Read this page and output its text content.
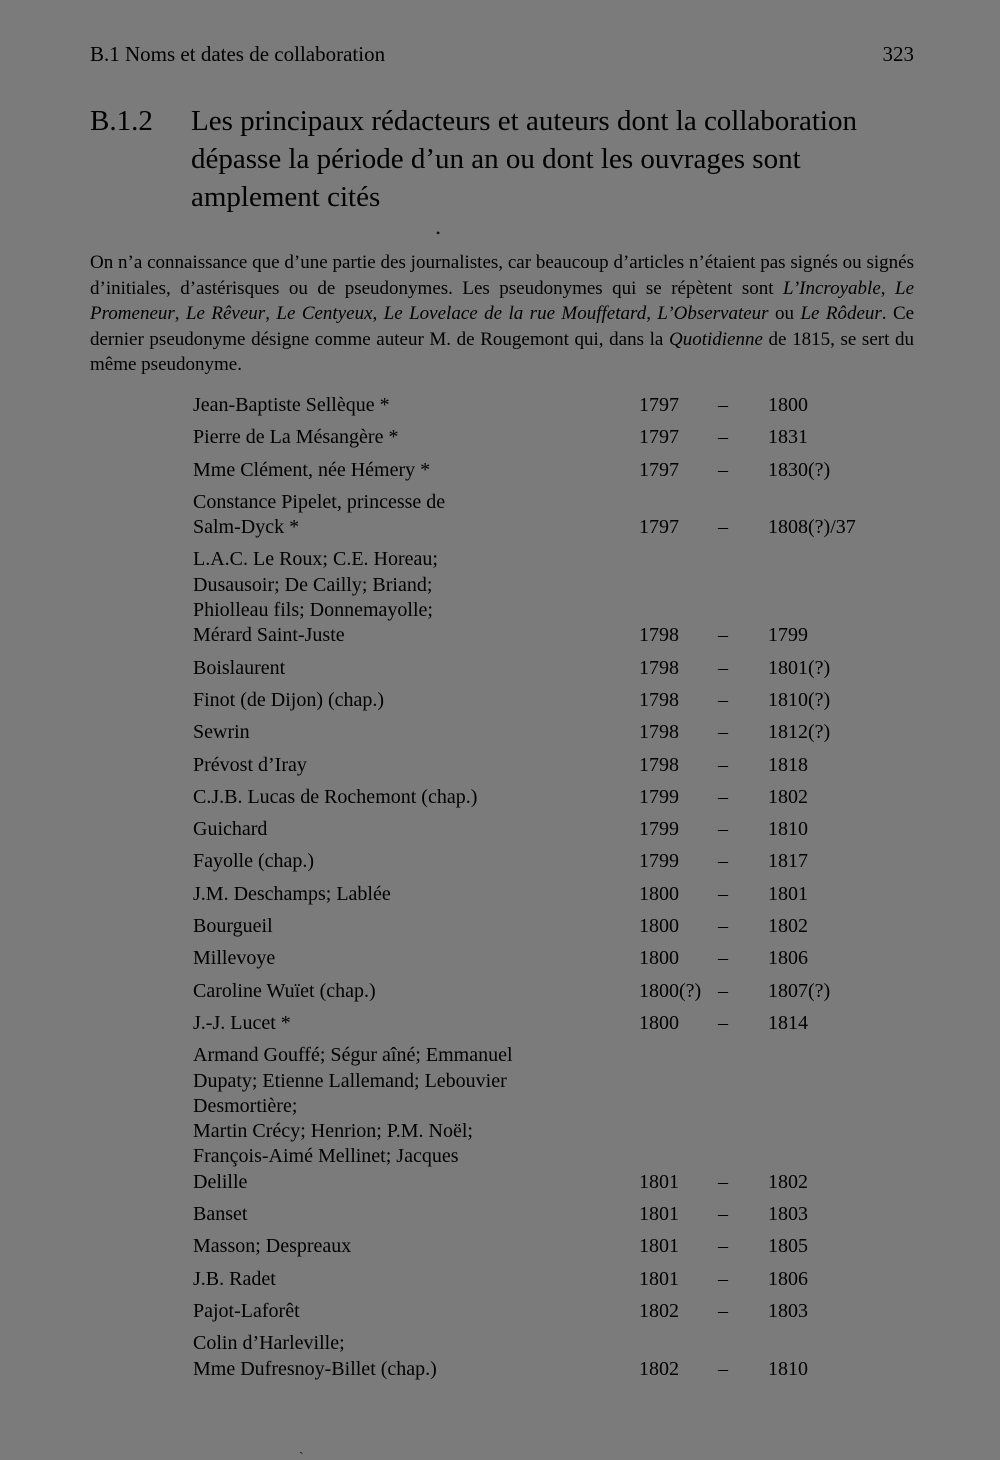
B.1 Noms et dates de collaboration	323
B.1.2 Les principaux rédacteurs et auteurs dont la collaboration dépasse la période d’un an ou dont les ouvrages sont amplement cités
•
On n’a connaissance que d’une partie des journalistes, car beaucoup d’articles n’étaient pas signés ou signés d’initiales, d’astérisques ou de pseudonymes. Les pseudonymes qui se répètent sont L’Incroyable, Le Promeneur, Le Rêveur, Le Centyeux, Le Lovelace de la rue Mouffetard, L’Observateur ou Le Rôdeur. Ce dernier pseudonyme désigne comme auteur M. de Rougemont qui, dans la Quotidienne de 1815, se sert du même pseudonyme.
Jean-Baptiste Sellèque *	1797 – 1800
Pierre de La Mésangère *	1797 – 1831
Mme Clément, née Hémery *	1797 – 1830(?)
Constance Pipelet, princesse de
Salm-Dyck *	1797 – 1808(?)/37
L.A.C. Le Roux; C.E. Horeau;
Dusausoir; De Cailly; Briand;
Phiolleau fils; Donnemayolle;
Mérard Saint-Juste	1798 – 1799
Boislaurent	1798 – 1801(?)
Finot (de Dijon) (chap.)	1798 – 1810(?)
Sewrin	1798 – 1812(?)
Prévost d’Iray	1798 – 1818
C.J.B. Lucas de Rochemont (chap.)	1799 – 1802
Guichard	1799 – 1810
Fayolle (chap.)	1799 – 1817
J.M. Deschamps; Lablée	1800 – 1801
Bourgueil	1800 – 1802
Millevoye	1800 – 1806
Caroline Wuïet (chap.)	1800(?) – 1807(?)
J.-J. Lucet *	1800 – 1814
Armand Gouffé; Ségur aîné; Emmanuel Dupaty; Etienne Lallemand; Lebouvier Desmortière;
Martin Crécy; Henrion; P.M. Noël;
François-Aimé Mellinet; Jacques
Delille	1801 – 1802
Banset	1801 – 1803
Masson; Despreaux	1801 – 1805
J.B. Radet	1801 – 1806
Pajot-Laforêt	1802 – 1803
Colin d’Harleville;
Mme Dufresnoy-Billet (chap.)	1802 – 1810
ˎ
